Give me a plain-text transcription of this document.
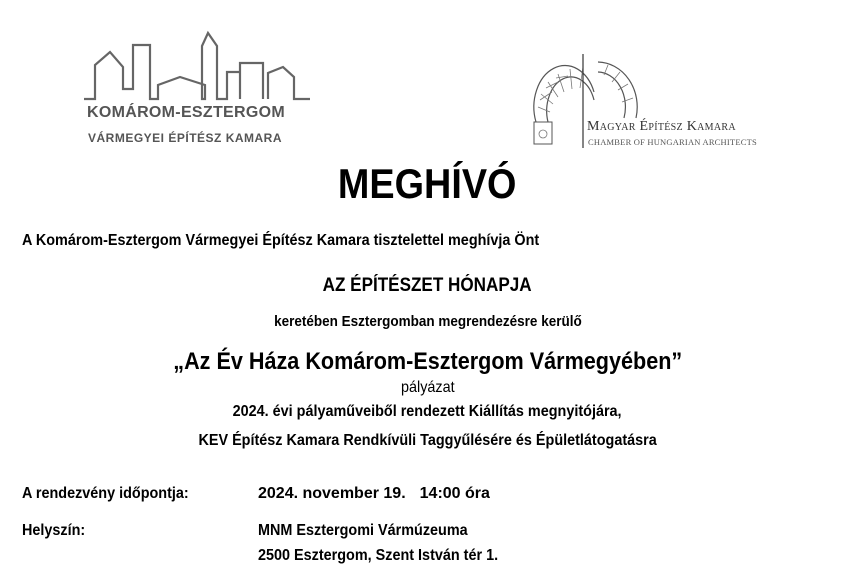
KOMÁROM-ESZTERGOM
VÁRMEGYEI ÉPÍTÉSZ KAMARA
Magyar Építész Kamara
CHAMBER OF HUNGARIAN ARCHITECTS
MEGHÍVÓ
A Komárom-Esztergom Vármegyei Építész Kamara tisztelettel meghívja Önt
AZ ÉPÍTÉSZET HÓNAPJA
keretében Esztergomban megrendezésre kerülő
„Az Év Háza Komárom-Esztergom Vármegyében”
pályázat
2024. évi pályaműveiből rendezett Kiállítás megnyitójára,
KEV Építész Kamara Rendkívüli Taggyűlésére és Épületlátogatásra
A rendezvény időpontja:	2024. november 19. 14:00 óra
Helyszín:	MNM Esztergomi Vármúzeuma
2500 Esztergom, Szent István tér 1.
